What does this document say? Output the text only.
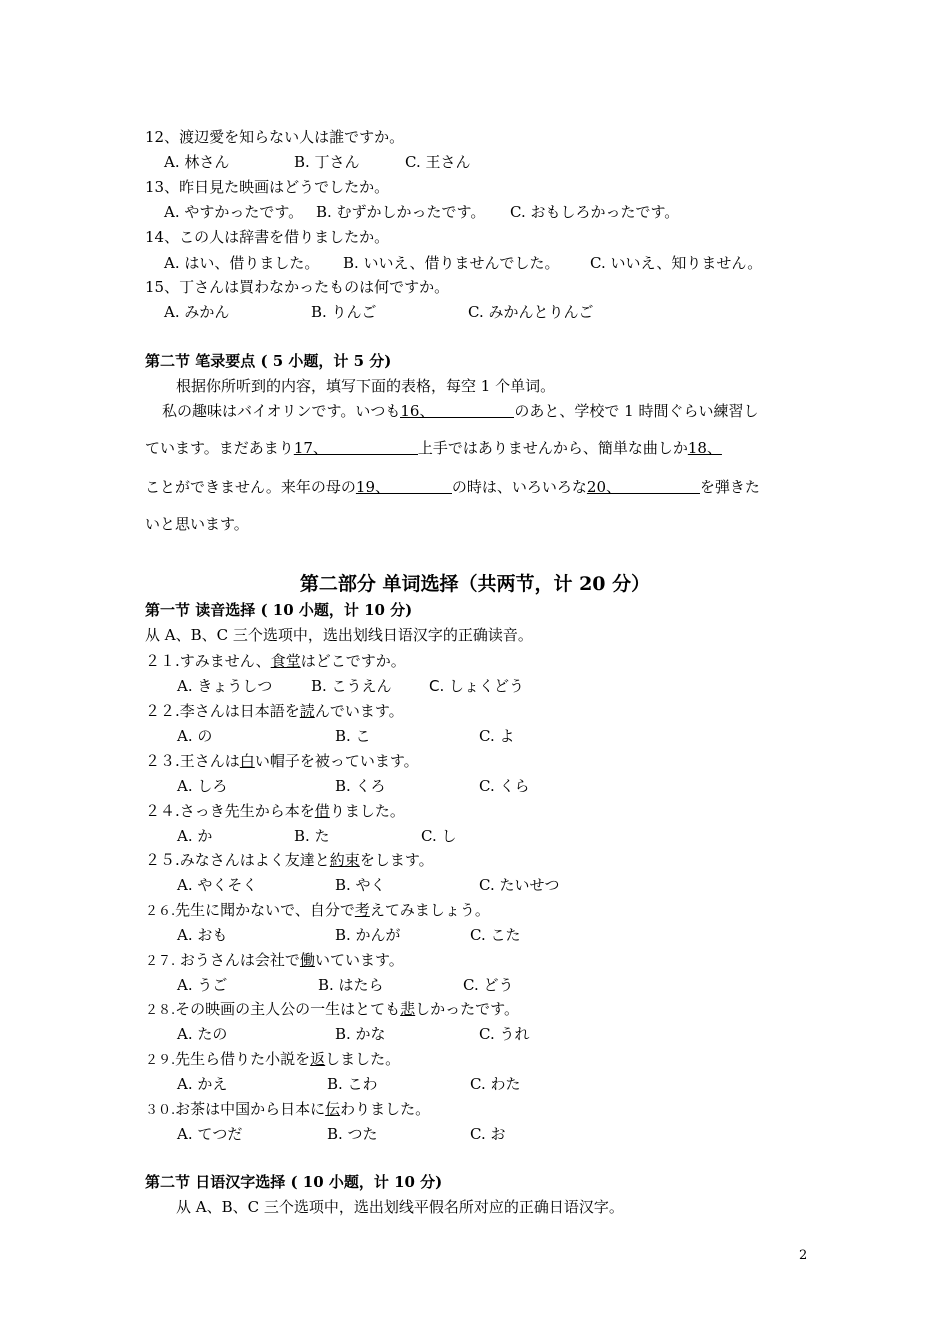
12、渡辺愛を知らない人は誰ですか。
A. 林さん	B. 丁さん	C. 王さん
13、昨日見た映画はどうでしたか。
A. やすかったです。 B. むずかしかったです。 C. おもしろかったです。
14、この人は辞書を借りましたか。
A. はい、借りました。 B. いいえ、借りませんでした。 C. いいえ、知りません。
15、丁さんは買わなかったものは何ですか。
A. みかん	B. りんご	C. みかんとりんご
第二节 笔录要点 ( 5 小题，计 5 分)
根据你所听到的内容，填写下面的表格，每空 1 个单词。
私の趣味はバイオリンです。いつも16、	のあと、学校で 1 時間ぐらい練習し
ています。まだあまり17、	上手ではありませんから、簡単な曲しか18、
ことができません。来年の母の19、	の時は、いろいろな20、	を弾きた
いと思います。
第二部分 单词选择（共两节，计 20 分）
第一节 读音选择 ( 10 小题，计 10 分)
从 A、B、C 三个选项中，选出划线日语汉字的正确读音。
２１.すみません、食堂はどこですか。
A. きょうしつ	B. こうえん C. しょくどう
２２.李さんは日本語を読んでいます。
A. の	B. こ	C. よ
２３.王さんは白い帽子を被っています。
A. しろ	B. くろ	C. くら
２４.さっき先生から本を借りました。
A. か	B. た	C. し
２５.みなさんはよく友達と約束をします。
A. やくそく	B. やく	C. たいせつ
２６.先生に聞かないで、自分で考えてみましょう。
A. おも	B. かんが	C. こた
２７. おうさんは会社で働いています。
A. うご	B. はたら	C. どう
２８.その映画の主人公の一生はとても悲しかったです。
A. たの	B. かな	C. うれ
２９.先生ら借りた小説を返しました。
A. かえ	B. こわ	C. わた
３０.お茶は中国から日本に伝わりました。
A. てつだ	B. つた	C. お
第二节 日语汉字选择 ( 10 小题，计 10 分)
从 A、B、C 三个选项中，选出划线平假名所对应的正确日语汉字。
2
